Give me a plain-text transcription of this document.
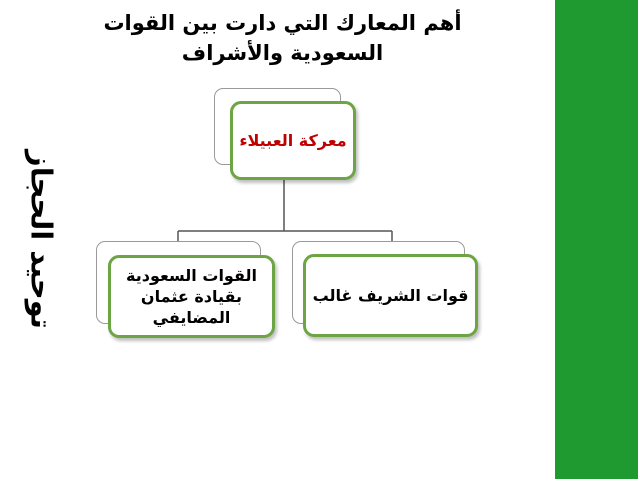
أهم المعارك التي دارت بين القوات السعودية والأشراف
معركة العبيلاء
القوات السعودية بقيادة عثمان المضايفي
قوات الشريف غالب
توحيد الحجاز
